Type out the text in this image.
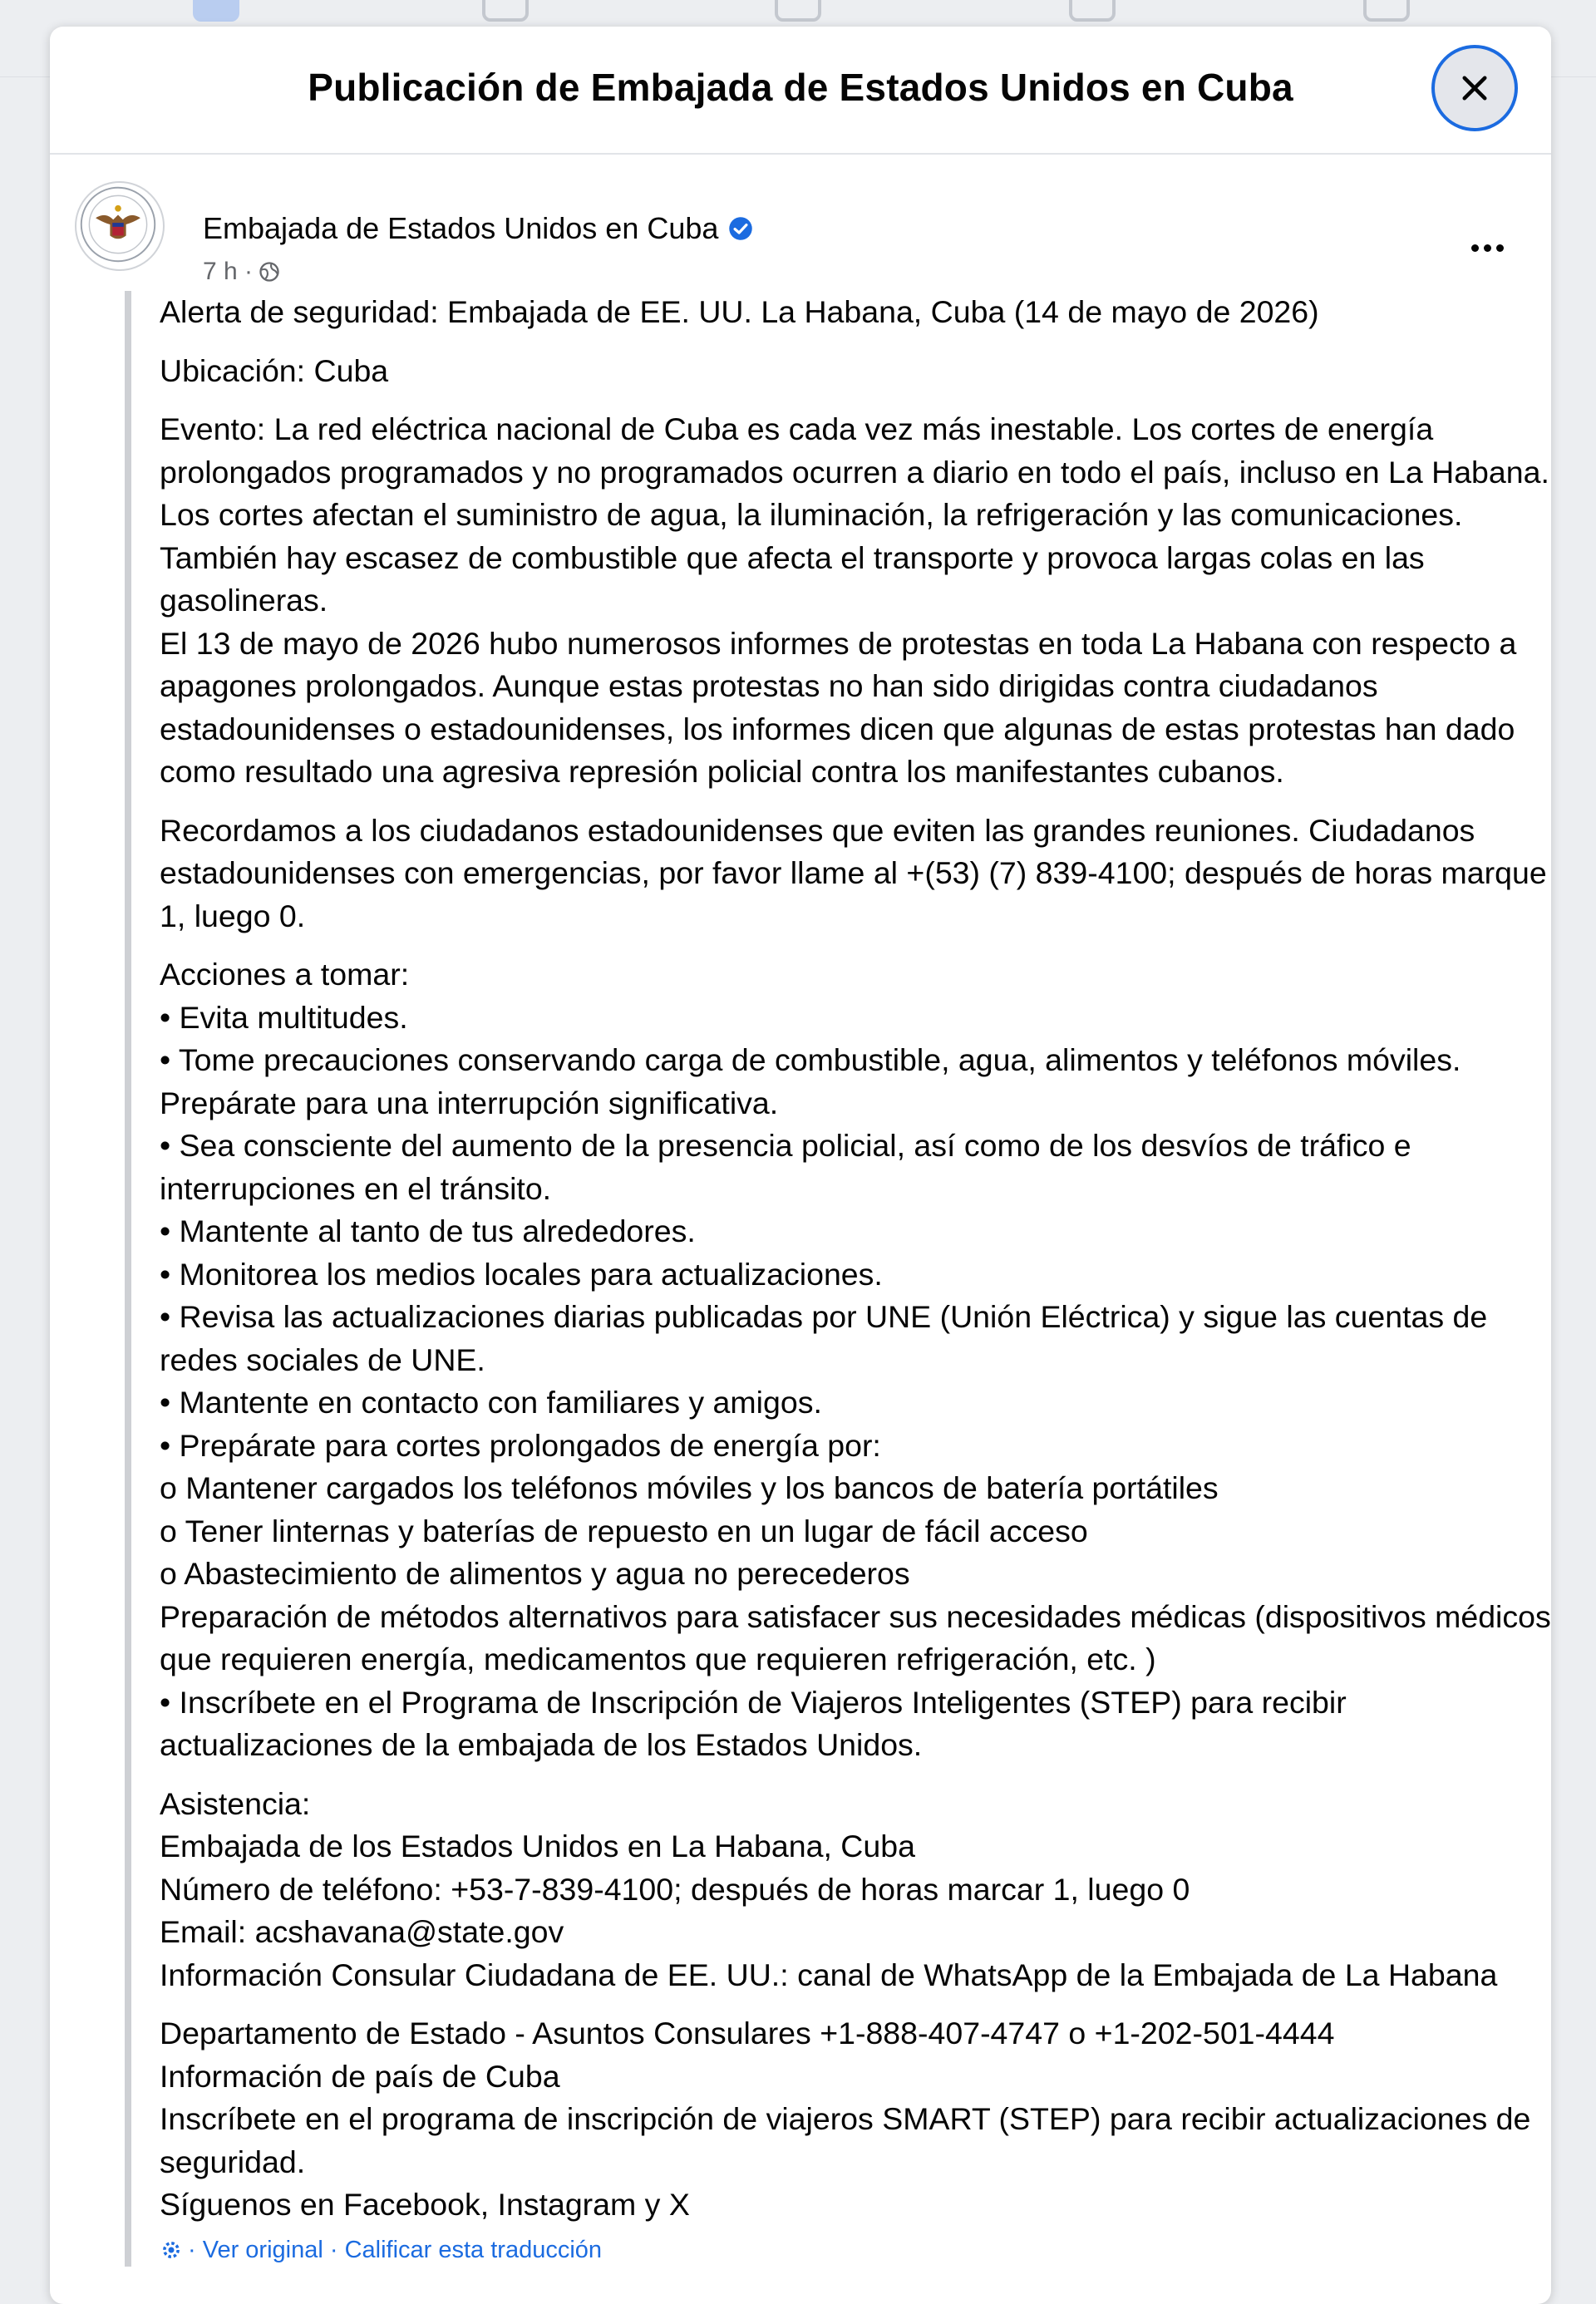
Publicación de Embajada de Estados Unidos en Cuba
Embajada de Estados Unidos en Cuba
7 h ·

Alerta de seguridad: Embajada de EE. UU. La Habana, Cuba (14 de mayo de 2026)

Ubicación: Cuba

Evento: La red eléctrica nacional de Cuba es cada vez más inestable. Los cortes de energía prolongados programados y no programados ocurren a diario en todo el país, incluso en La Habana. Los cortes afectan el suministro de agua, la iluminación, la refrigeración y las comunicaciones. También hay escasez de combustible que afecta el transporte y provoca largas colas en las gasolineras.
El 13 de mayo de 2026 hubo numerosos informes de protestas en toda La Habana con respecto a apagones prolongados. Aunque estas protestas no han sido dirigidas contra ciudadanos estadounidenses o estadounidenses, los informes dicen que algunas de estas protestas han dado como resultado una agresiva represión policial contra los manifestantes cubanos.

Recordamos a los ciudadanos estadounidenses que eviten las grandes reuniones. Ciudadanos estadounidenses con emergencias, por favor llame al +(53) (7) 839-4100; después de horas marque 1, luego 0.

Acciones a tomar:
• Evita multitudes.
• Tome precauciones conservando carga de combustible, agua, alimentos y teléfonos móviles. Prepárate para una interrupción significativa.
• Sea consciente del aumento de la presencia policial, así como de los desvíos de tráfico e interrupciones en el tránsito.
• Mantente al tanto de tus alrededores.
• Monitorea los medios locales para actualizaciones.
• Revisa las actualizaciones diarias publicadas por UNE (Unión Eléctrica) y sigue las cuentas de redes sociales de UNE.
• Mantente en contacto con familiares y amigos.
• Prepárate para cortes prolongados de energía por:
o Mantener cargados los teléfonos móviles y los bancos de batería portátiles
o Tener linternas y baterías de repuesto en un lugar de fácil acceso
o Abastecimiento de alimentos y agua no perecederos
Preparación de métodos alternativos para satisfacer sus necesidades médicas (dispositivos médicos que requieren energía, medicamentos que requieren refrigeración, etc. )
• Inscríbete en el Programa de Inscripción de Viajeros Inteligentes (STEP) para recibir actualizaciones de la embajada de los Estados Unidos.

Asistencia:
Embajada de los Estados Unidos en La Habana, Cuba
Número de teléfono: +53-7-839-4100; después de horas marcar 1, luego 0
Email: acshavana@state.gov
Información Consular Ciudadana de EE. UU.: canal de WhatsApp de la Embajada de La Habana

Departamento de Estado - Asuntos Consulares +1-888-407-4747 o +1-202-501-4444
Información de país de Cuba
Inscríbete en el programa de inscripción de viajeros SMART (STEP) para recibir actualizaciones de seguridad.
Síguenos en Facebook, Instagram y X

· Ver original · Calificar esta traducción
